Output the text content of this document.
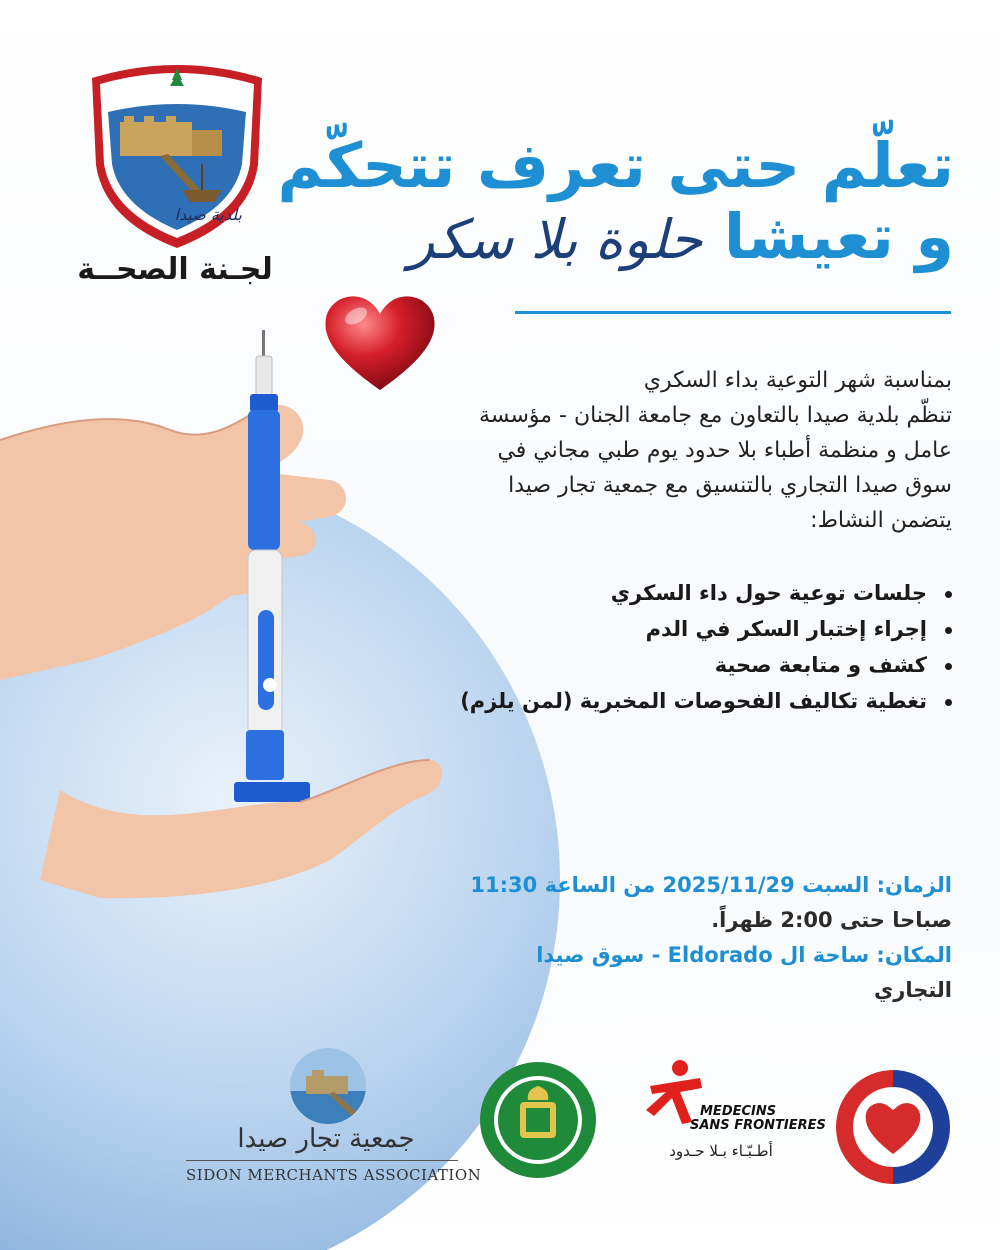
بلدية صيدا
لجـنة الصحــة
تعلّم حتى تعرف تتحكّم
و تعيشا حلوة بلا سكر
بمناسبة شهر التوعية بداء السكري
تنظّم بلدية صيدا بالتعاون مع جامعة الجنان - مؤسسة
عامل و منظمة أطباء بلا حدود يوم طبي مجاني في
سوق صيدا التجاري بالتنسيق مع جمعية تجار صيدا
يتضمن النشاط:
جلسات توعية حول داء السكري
إجراء إختبار السكر في الدم
كشف و متابعة صحية
تغطية تكاليف الفحوصات المخبرية (لمن يلزم)
الزمان: السبت 2025/11/29 من الساعة 11:30
صباحا حتى 2:00 ظهراً.
المكان: ساحة ال Eldorado - سوق صيدا
التجاري
جمعية تجار صيدا
SIDON MERCHANTS ASSOCIATION
MEDECINS
SANS FRONTIERES
أطـبّـاء بـلا حـدود
